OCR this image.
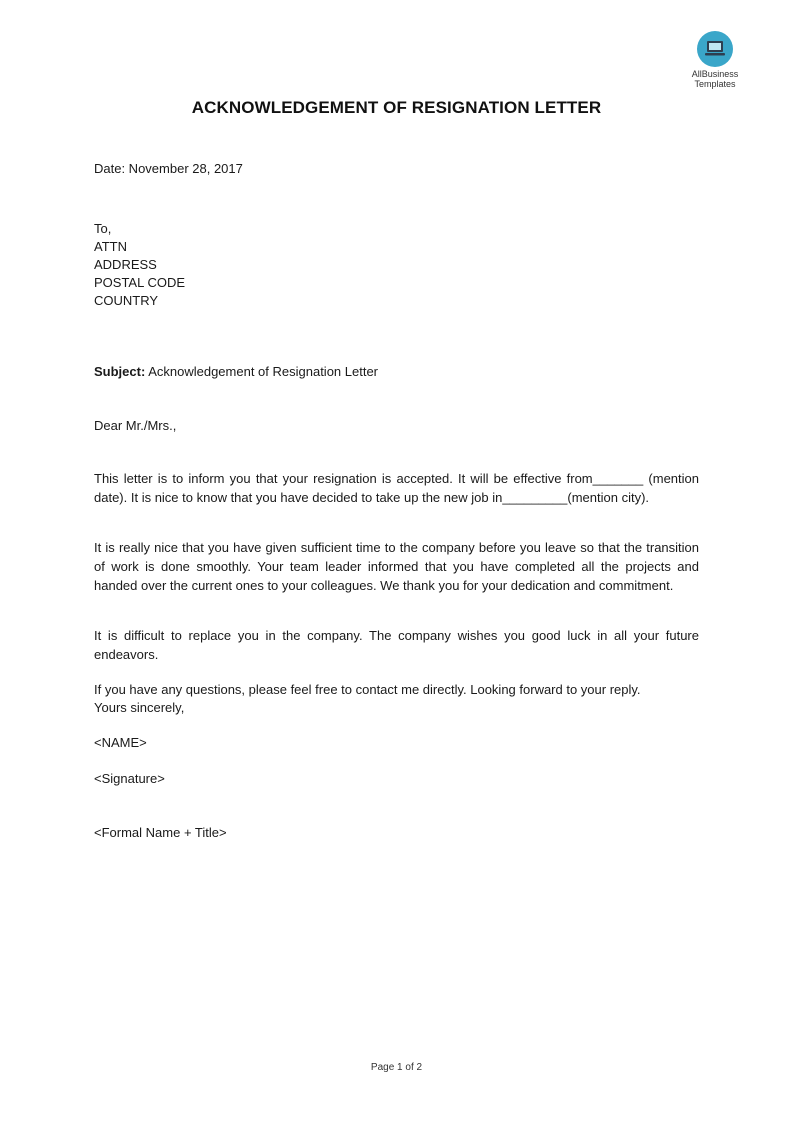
AllBusiness
Templates
ACKNOWLEDGEMENT OF RESIGNATION LETTER
Date: November 28, 2017
To,
ATTN
ADDRESS
POSTAL CODE
COUNTRY
Subject: Acknowledgement of Resignation Letter
Dear Mr./Mrs.,
This letter is to inform you that your resignation is accepted. It will be effective from_______ (mention date). It is nice to know that you have decided to take up the new job in_________(mention city).
It is really nice that you have given sufficient time to the company before you leave so that the transition of work is done smoothly. Your team leader informed that you have completed all the projects and handed over the current ones to your colleagues. We thank you for your dedication and commitment.
It is difficult to replace you in the company. The company wishes you good luck in all your future endeavors.
If you have any questions, please feel free to contact me directly. Looking forward to your reply.
Yours sincerely,
<NAME>
<Signature>
<Formal Name + Title>
Page 1 of 2
